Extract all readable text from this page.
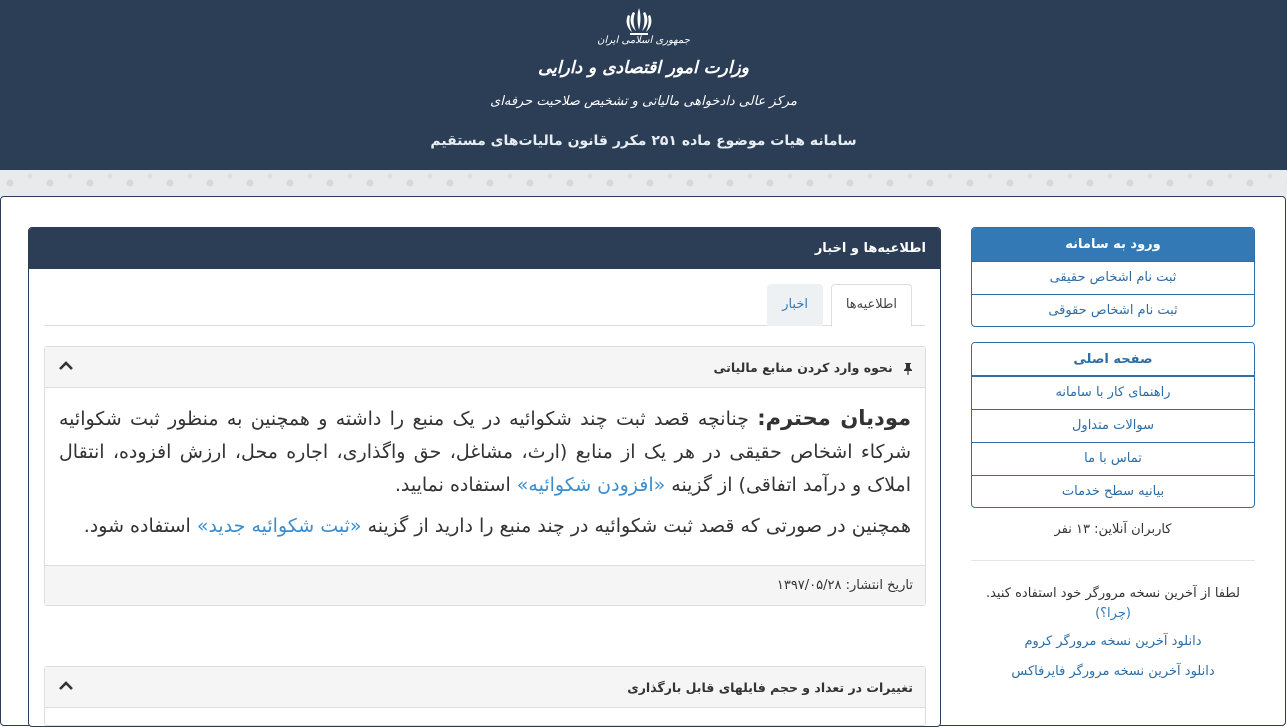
جمهوری اسلامی ایران
وزارت امور اقتصادی و دارایی
مرکز عالی دادخواهی مالیاتی و تشخیص صلاحیت حرفه‌ای
سامانه هیات موضوع ماده ۲۵۱ مکرر قانون مالیات‌های مستقیم
اطلاعیه‌ها و اخبار
اطلاعیه‌ها
اخبار
نحوه وارد کردن منابع مالیاتی

مودیان محترم: چنانچه قصد ثبت چند شکوائیه در یک منبع را داشته و همچنین به منظور ثبت شکوائیه شرکاء اشخاص حقیقی در هر یک از منابع (ارث، مشاغل، حق واگذاری، اجاره محل، ارزش افزوده، انتقال املاک و درآمد اتفاقی) از گزینه «افزودن شکوائیه» استفاده نمایید.

همچنین در صورتی که قصد ثبت شکوائیه در چند منبع را دارید از گزینه «ثبت شکوائیه جدید» استفاده شود.

تاریخ انتشار: ۱۳۹۷/۰۵/۲۸
تغییرات در تعداد و حجم فایلهای قابل بارگذاری
ورود به سامانه
ثبت نام اشخاص حقیقی
ثبت نام اشخاص حقوقی
صفحه اصلی
راهنمای کار با سامانه
سوالات متداول
تماس با ما
بیانیه سطح خدمات
کاربران آنلاین: ۱۳ نفر
لطفا از آخرین نسخه مرورگر خود استفاده کنید.
(چرا؟)
دانلود آخرین نسخه مرورگر کروم
دانلود آخرین نسخه مرورگر فایرفاکس
